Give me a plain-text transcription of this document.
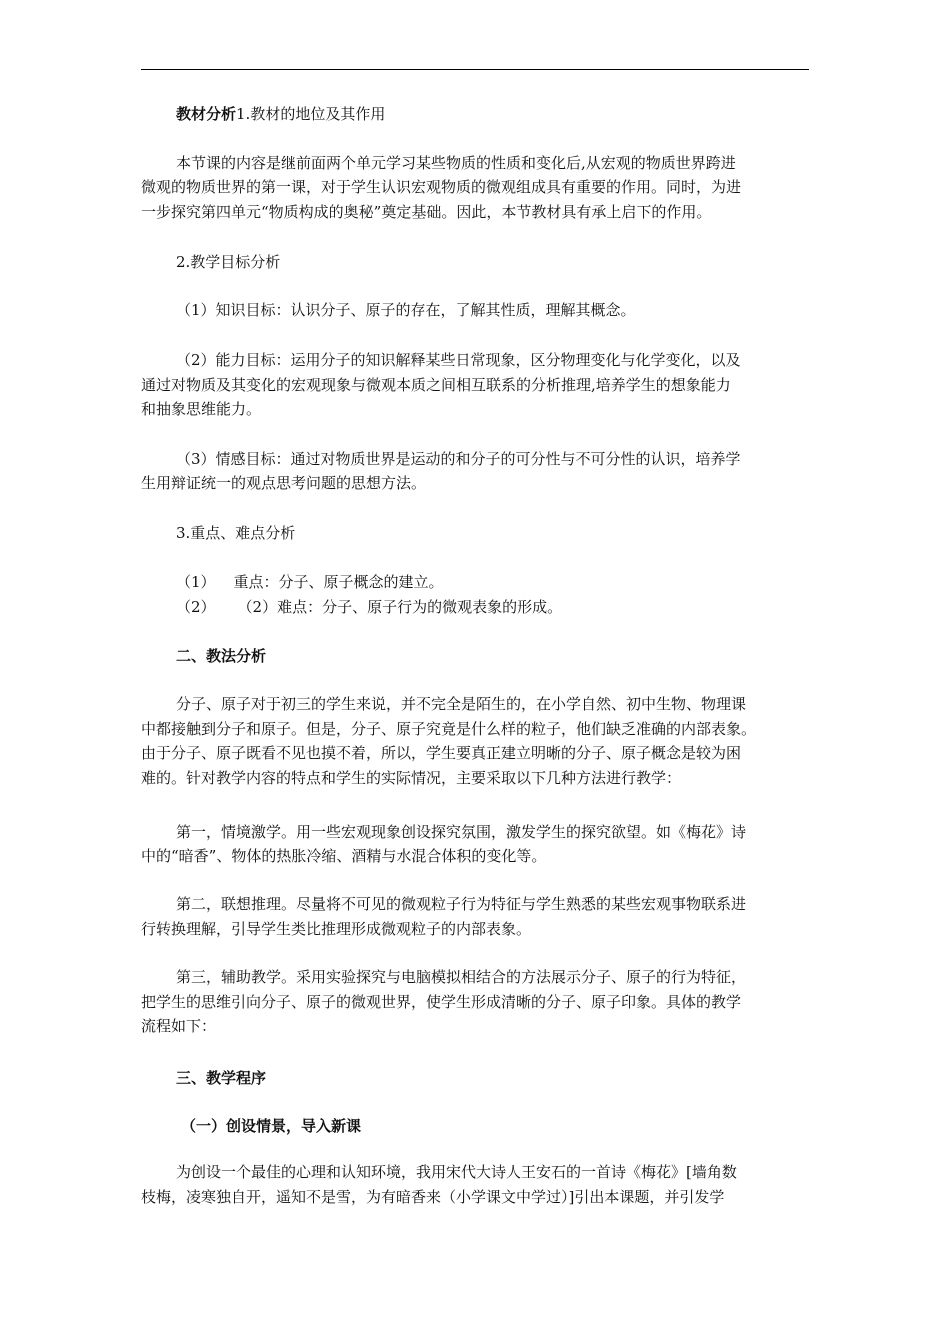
教材分析1.教材的地位及其作用
本节课的内容是继前面两个单元学习某些物质的性质和变化后,从宏观的物质世界跨进
微观的物质世界的第一课，对于学生认识宏观物质的微观组成具有重要的作用。同时，为进
一步探究第四单元“物质构成的奥秘”奠定基础。因此，本节教材具有承上启下的作用。
2.教学目标分析
（1）知识目标：认识分子、原子的存在，了解其性质，理解其概念。
（2）能力目标：运用分子的知识解释某些日常现象，区分物理变化与化学变化，以及
通过对物质及其变化的宏观现象与微观本质之间相互联系的分析推理,培养学生的想象能力
和抽象思维能力。
（3）情感目标：通过对物质世界是运动的和分子的可分性与不可分性的认识，培养学
生用辩证统一的观点思考问题的思想方法。
3.重点、难点分析
（1） 重点：分子、原子概念的建立。
（2） （2）难点：分子、原子行为的微观表象的形成。
二、教法分析
分子、原子对于初三的学生来说，并不完全是陌生的，在小学自然、初中生物、物理课
中都接触到分子和原子。但是，分子、原子究竟是什么样的粒子，他们缺乏准确的内部表象。
由于分子、原子既看不见也摸不着，所以，学生要真正建立明晰的分子、原子概念是较为困
难的。针对教学内容的特点和学生的实际情况，主要采取以下几种方法进行教学：
第一，情境激学。用一些宏观现象创设探究氛围，激发学生的探究欲望。如《梅花》诗
中的“暗香”、物体的热胀冷缩、酒精与水混合体积的变化等。
第二，联想推理。尽量将不可见的微观粒子行为特征与学生熟悉的某些宏观事物联系进
行转换理解，引导学生类比推理形成微观粒子的内部表象。
第三，辅助教学。采用实验探究与电脑模拟相结合的方法展示分子、原子的行为特征，
把学生的思维引向分子、原子的微观世界，使学生形成清晰的分子、原子印象。具体的教学
流程如下：
三、教学程序
（一）创设情景，导入新课
为创设一个最佳的心理和认知环境，我用宋代大诗人王安石的一首诗《梅花》[墙角数
枝梅，凌寒独自开，遥知不是雪，为有暗香来（小学课文中学过）]引出本课题，并引发学
